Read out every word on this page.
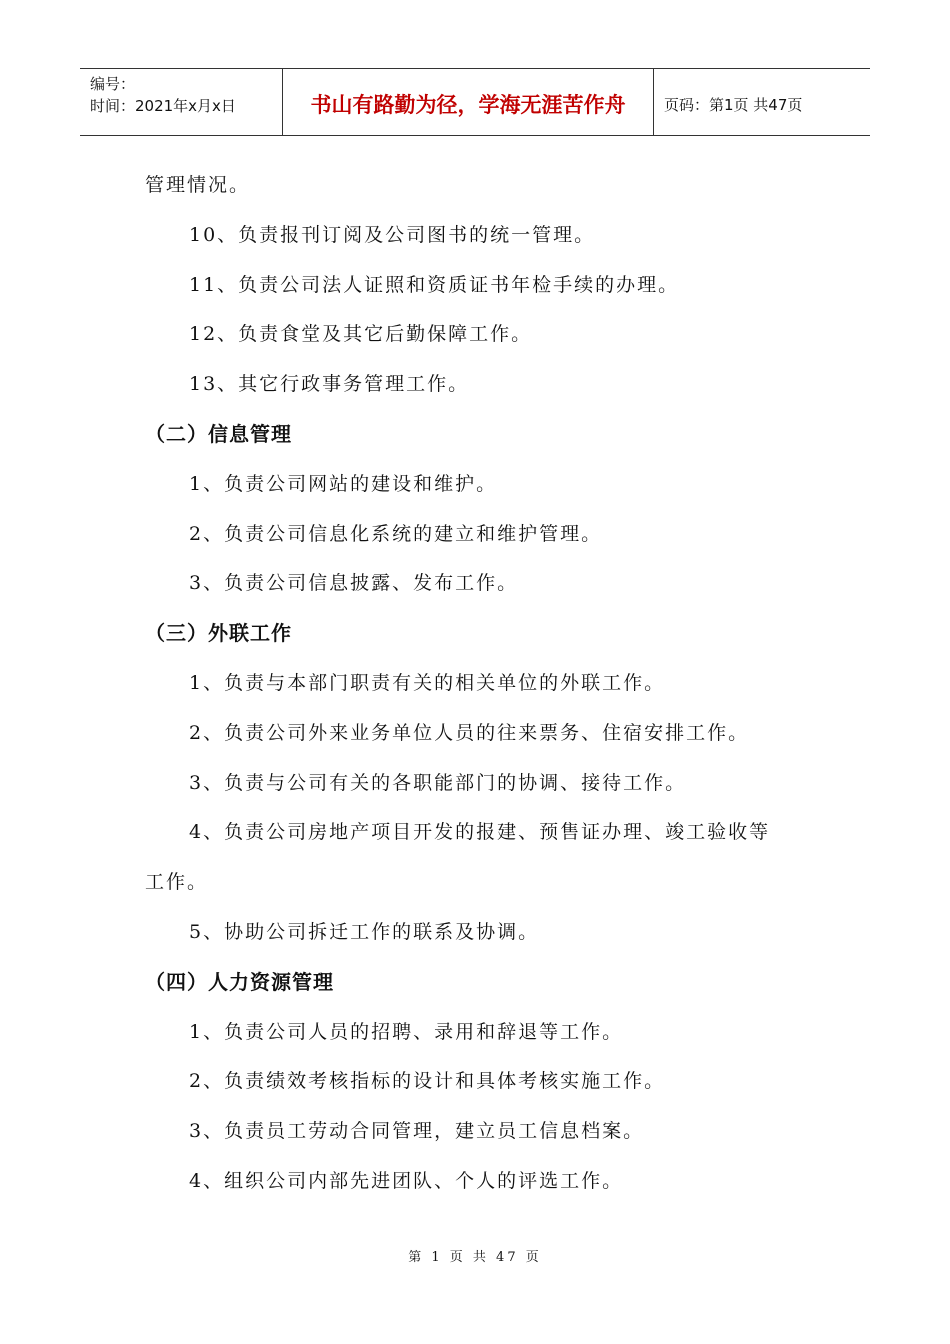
编号：
时间：2021年x月x日	书山有路勤为径，学海无涯苦作舟	页码：第1页 共47页
管理情况。
10、负责报刊订阅及公司图书的统一管理。
11、负责公司法人证照和资质证书年检手续的办理。
12、负责食堂及其它后勤保障工作。
13、其它行政事务管理工作。
（二）信息管理
1、负责公司网站的建设和维护。
2、负责公司信息化系统的建立和维护管理。
3、负责公司信息披露、发布工作。
（三）外联工作
1、负责与本部门职责有关的相关单位的外联工作。
2、负责公司外来业务单位人员的往来票务、住宿安排工作。
3、负责与公司有关的各职能部门的协调、接待工作。
4、负责公司房地产项目开发的报建、预售证办理、竣工验收等
工作。
5、协助公司拆迁工作的联系及协调。
（四）人力资源管理
1、负责公司人员的招聘、录用和辞退等工作。
2、负责绩效考核指标的设计和具体考核实施工作。
3、负责员工劳动合同管理，建立员工信息档案。
4、组织公司内部先进团队、个人的评选工作。
第 1 页 共 47 页
